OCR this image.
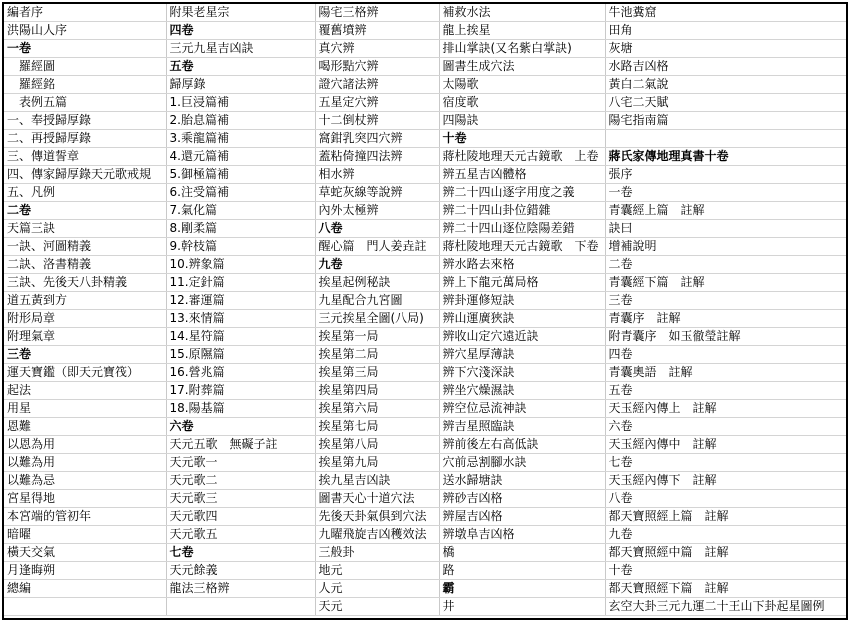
編者序	附果老星宗	陽宅三格辨	補救水法	牛池糞窟
洪陽山人序	四卷	覆舊墳辨	龍上挨星	田角
一卷	三元九星吉凶訣	真穴辨	排山掌訣(又名紫白掌訣)	灰塘
　羅經圖	五卷	喝形點穴辨	圖書生成穴法	水路吉凶格
　羅經銘	歸厚錄	證穴諸法辨	太陽歌	黃白二氣說
　表例五篇	1.巨浸篇補	五星定穴辨	宿度歌	八宅二天賦
一、奉授歸厚錄	2.胎息篇補	十二倒杖辨	四陽訣	陽宅指南篇
二、再授歸厚錄	3.乘龍篇補	窩鉗乳突四穴辨	十卷	
三、傳道誓章	4.還元篇補	蓋粘倚撞四法辨	蔣杜陵地理天元古鏡歌　上卷	蔣氏家傳地理真書十卷
四、傳家歸厚錄天元歌戒規	5.御極篇補	相水辨	辨五星吉凶體格	張序
五、凡例	6.注受篇補	草蛇灰線等說辨	辨二十四山逐字用度之義	一卷
二卷	7.氣化篇	內外太極辨	辨二十四山卦位錯雜	青囊經上篇　註解
天篇三訣	8.剛柔篇	八卷	辨二十四山逐位陰陽差錯	訣曰
一訣、河圖精義	9.幹枝篇	醒心篇　門人姜垚註	蔣杜陵地理天元古鏡歌　下卷	增補說明
二訣、洛書精義	10.辨象篇	九卷	辨水路去來格	二卷
三訣、先後天八卦精義	11.定針篇	挨星起例秘訣	辨上下龍元萬局格	青囊經下篇　註解
道五黃到方	12.審運篇	九星配合九宮圖	辨卦運修短訣	三卷
附形局章	13.來情篇	三元挨星全圖(八局)	辨山運廣狹訣	青囊序　註解
附理氣章	14.星符篇	挨星第一局	辨收山定穴遠近訣	附青囊序　如玉徹瑩註解
三卷	15.原隰篇	挨星第二局	辨穴星厚薄訣	四卷
運天寶鑑（即天元寶筏）	16.營兆篇	挨星第三局	辨下穴淺深訣	青囊奧語　註解
起法	17.附葬篇	挨星第四局	辨坐穴燥濕訣	五卷
用星	18.陽基篇	挨星第六局	辨空位忌流神訣	天玉經內傳上　註解
恩難	六卷	挨星第七局	辨吉星照臨訣	六卷
以恩為用	天元五歌　無礙子註	挨星第八局	辨前後左右高低訣	天玉經內傳中　註解
以難為用	天元歌一	挨星第九局	穴前忌割腳水訣	七卷
以難為忌	天元歌二	挨九星吉凶訣	送水歸塘訣	天玉經內傳下　註解
宮星得地	天元歌三	圖書天心十道穴法	辨砂吉凶格	八卷
本宮端的管初年	天元歌四	先後天卦氣俱到穴法	辨屋吉凶格	都天寶照經上篇　註解
暗曜	天元歌五	九曜飛旋吉凶穫效法	辨墩阜吉凶格	九卷
橫天交氣	七卷	三般卦	橋	都天寶照經中篇　註解
月逢晦朔	天元餘義	地元	路	十卷
總編	龍法三格辨	人元	霸	都天寶照經下篇　註解
		天元	井	玄空大卦三元九運二十王山下卦起星圖例
